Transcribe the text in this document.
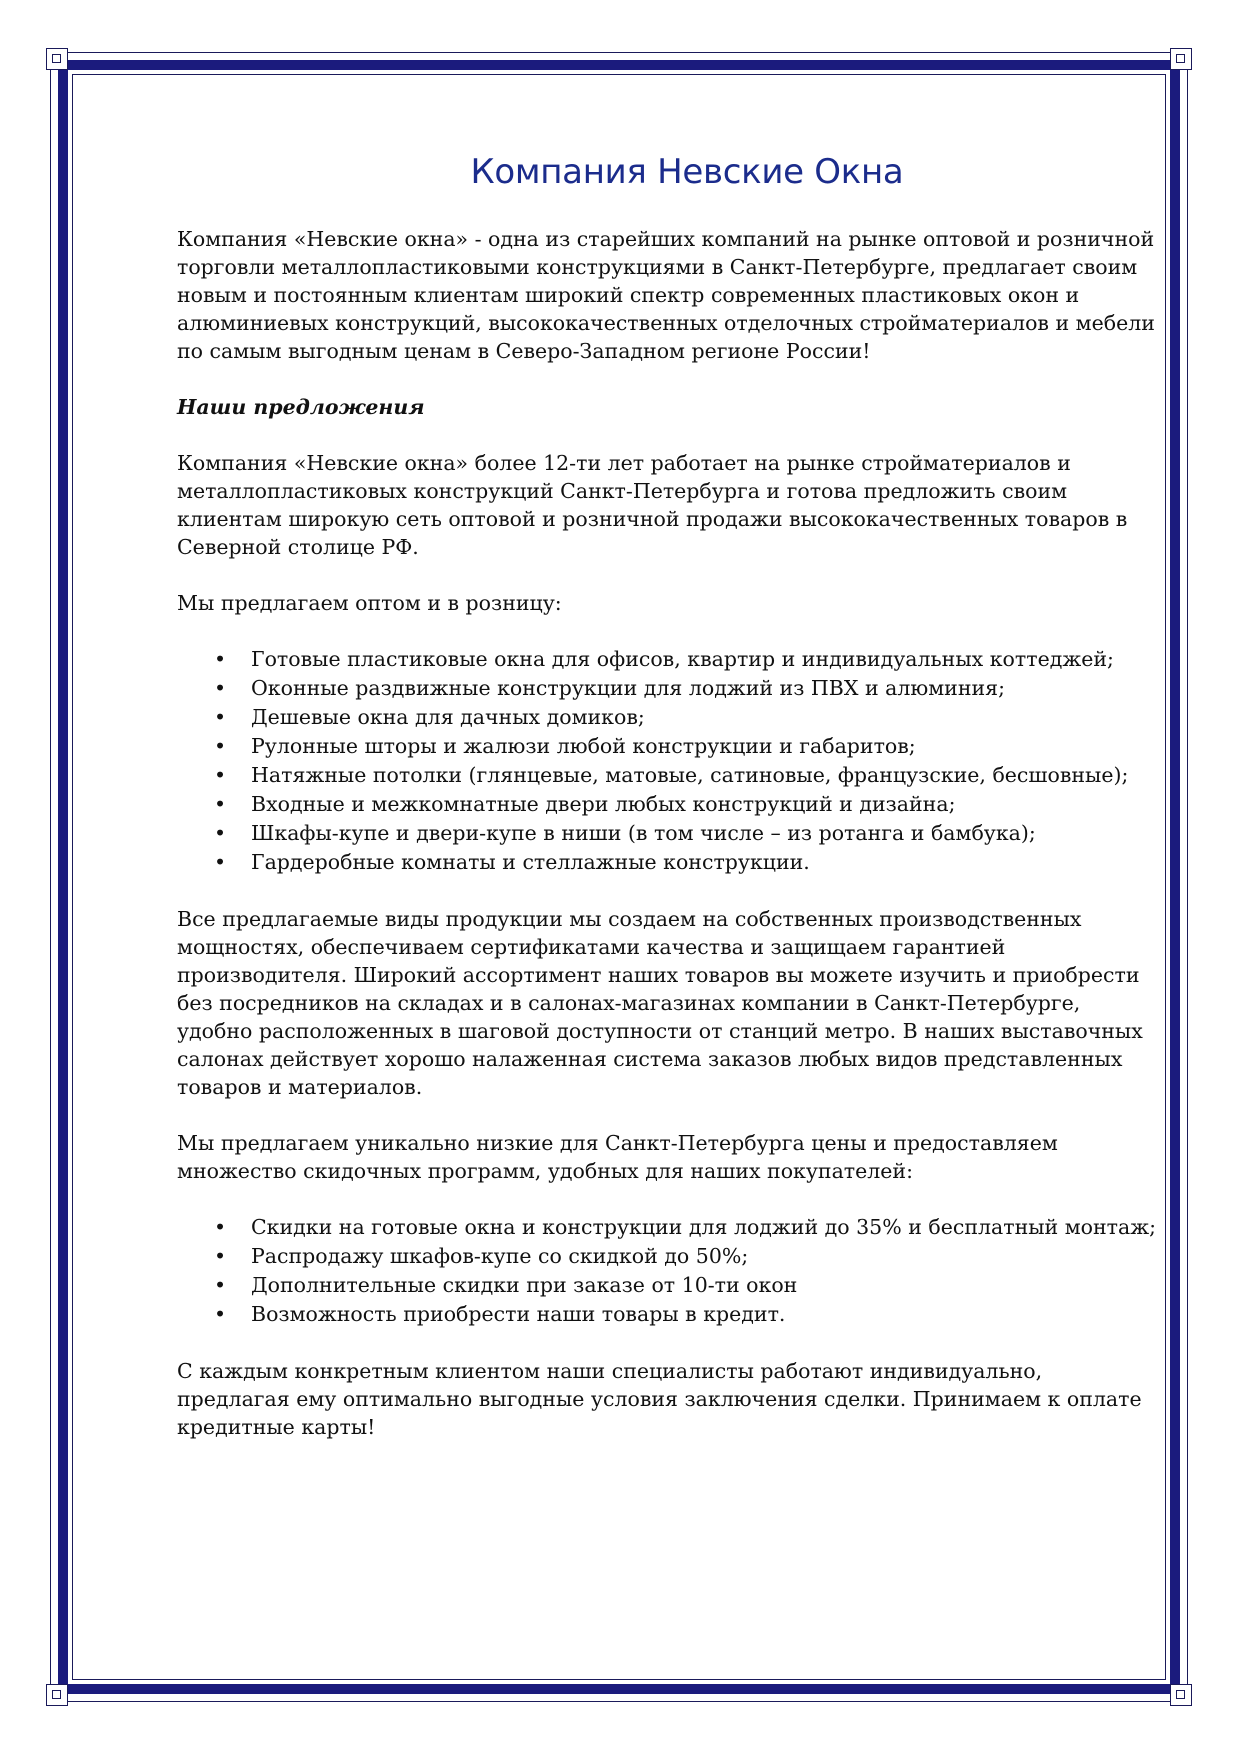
Компания Невские Окна

Компания «Невские окна» - одна из старейших компаний на рынке оптовой и розничной торговли металлопластиковыми конструкциями в Санкт-Петербурге, предлагает своим новым и постоянным клиентам широкий спектр современных пластиковых окон и алюминиевых конструкций, высококачественных отделочных стройматериалов и мебели по самым выгодным ценам в Северо-Западном регионе России!

Наши предложения

Компания «Невские окна» более 12-ти лет работает на рынке стройматериалов и металлопластиковых конструкций Санкт-Петербурга и готова предложить своим клиентам широкую сеть оптовой и розничной продажи высококачественных товаров в Северной столице РФ.

Мы предлагаем оптом и в розницу:

• Готовые пластиковые окна для офисов, квартир и индивидуальных коттеджей;
• Оконные раздвижные конструкции для лоджий из ПВХ и алюминия;
• Дешевые окна для дачных домиков;
• Рулонные шторы и жалюзи любой конструкции и габаритов;
• Натяжные потолки (глянцевые, матовые, сатиновые, французские, бесшовные);
• Входные и межкомнатные двери любых конструкций и дизайна;
• Шкафы-купе и двери-купе в ниши (в том числе – из ротанга и бамбука);
• Гардеробные комнаты и стеллажные конструкции.

Все предлагаемые виды продукции мы создаем на собственных производственных мощностях, обеспечиваем сертификатами качества и защищаем гарантией производителя. Широкий ассортимент наших товаров вы можете изучить и приобрести без посредников на складах и в салонах-магазинах компании в Санкт-Петербурге, удобно расположенных в шаговой доступности от станций метро. В наших выставочных салонах действует хорошо налаженная система заказов любых видов представленных товаров и материалов.

Мы предлагаем уникально низкие для Санкт-Петербурга цены и предоставляем множество скидочных программ, удобных для наших покупателей:

• Скидки на готовые окна и конструкции для лоджий до 35% и бесплатный монтаж;
• Распродажу шкафов-купе со скидкой до 50%;
• Дополнительные скидки при заказе от 10-ти окон
• Возможность приобрести наши товары в кредит.

С каждым конкретным клиентом наши специалисты работают индивидуально, предлагая ему оптимально выгодные условия заключения сделки. Принимаем к оплате кредитные карты!
